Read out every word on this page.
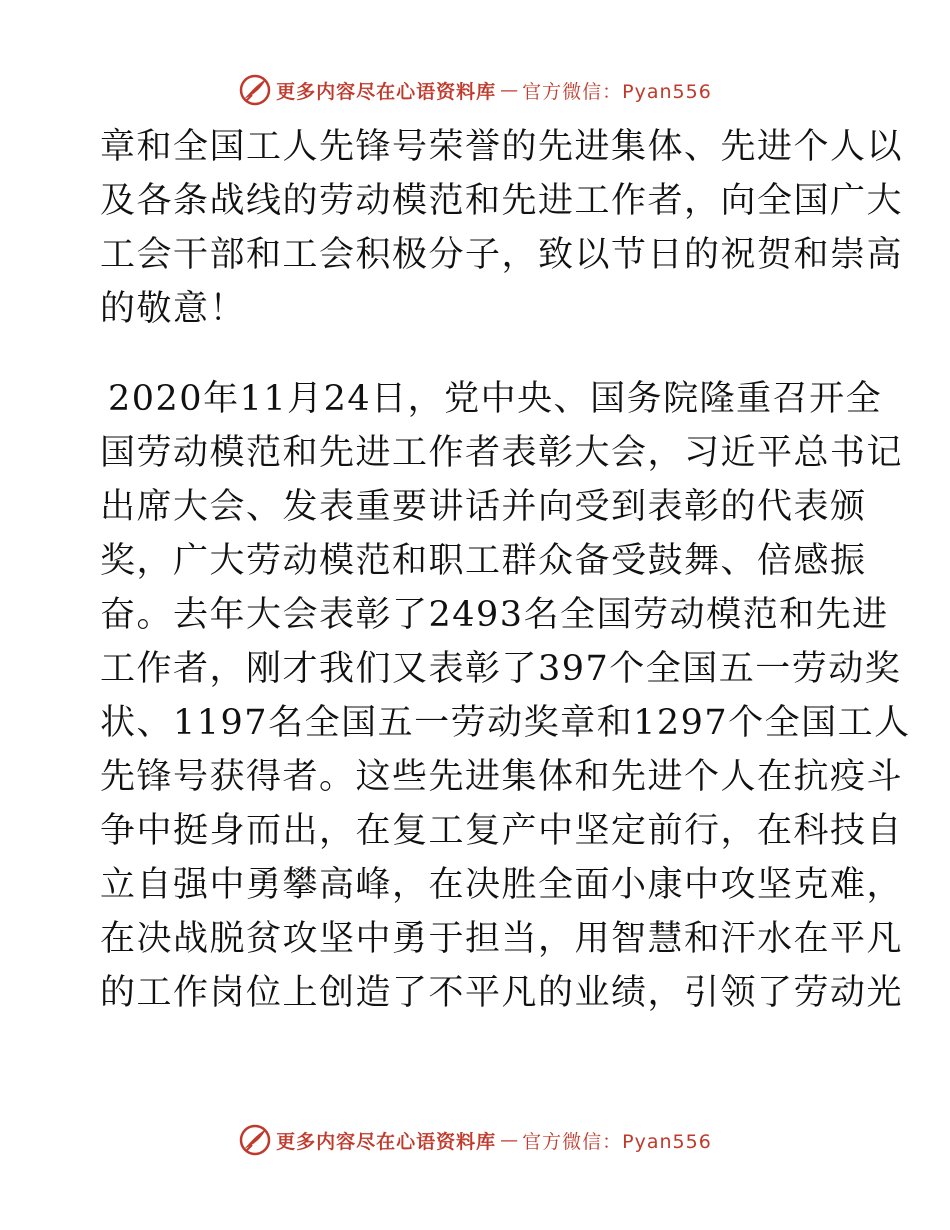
更多内容尽在心语资料库 — 官方微信：Pyan556
章和全国工人先锋号荣誉的先进集体、先进个人以
及各条战线的劳动模范和先进工作者，向全国广大
工会干部和工会积极分子，致以节日的祝贺和崇高
的敬意！
2020年11月24日，党中央、国务院隆重召开全
国劳动模范和先进工作者表彰大会，习近平总书记
出席大会、发表重要讲话并向受到表彰的代表颁
奖，广大劳动模范和职工群众备受鼓舞、倍感振
奋。去年大会表彰了2493名全国劳动模范和先进
工作者，刚才我们又表彰了397个全国五一劳动奖
状、1197名全国五一劳动奖章和1297个全国工人
先锋号获得者。这些先进集体和先进个人在抗疫斗
争中挺身而出，在复工复产中坚定前行，在科技自
立自强中勇攀高峰，在决胜全面小康中攻坚克难，
在决战脱贫攻坚中勇于担当，用智慧和汗水在平凡
的工作岗位上创造了不平凡的业绩，引领了劳动光
更多内容尽在心语资料库 — 官方微信：Pyan556
